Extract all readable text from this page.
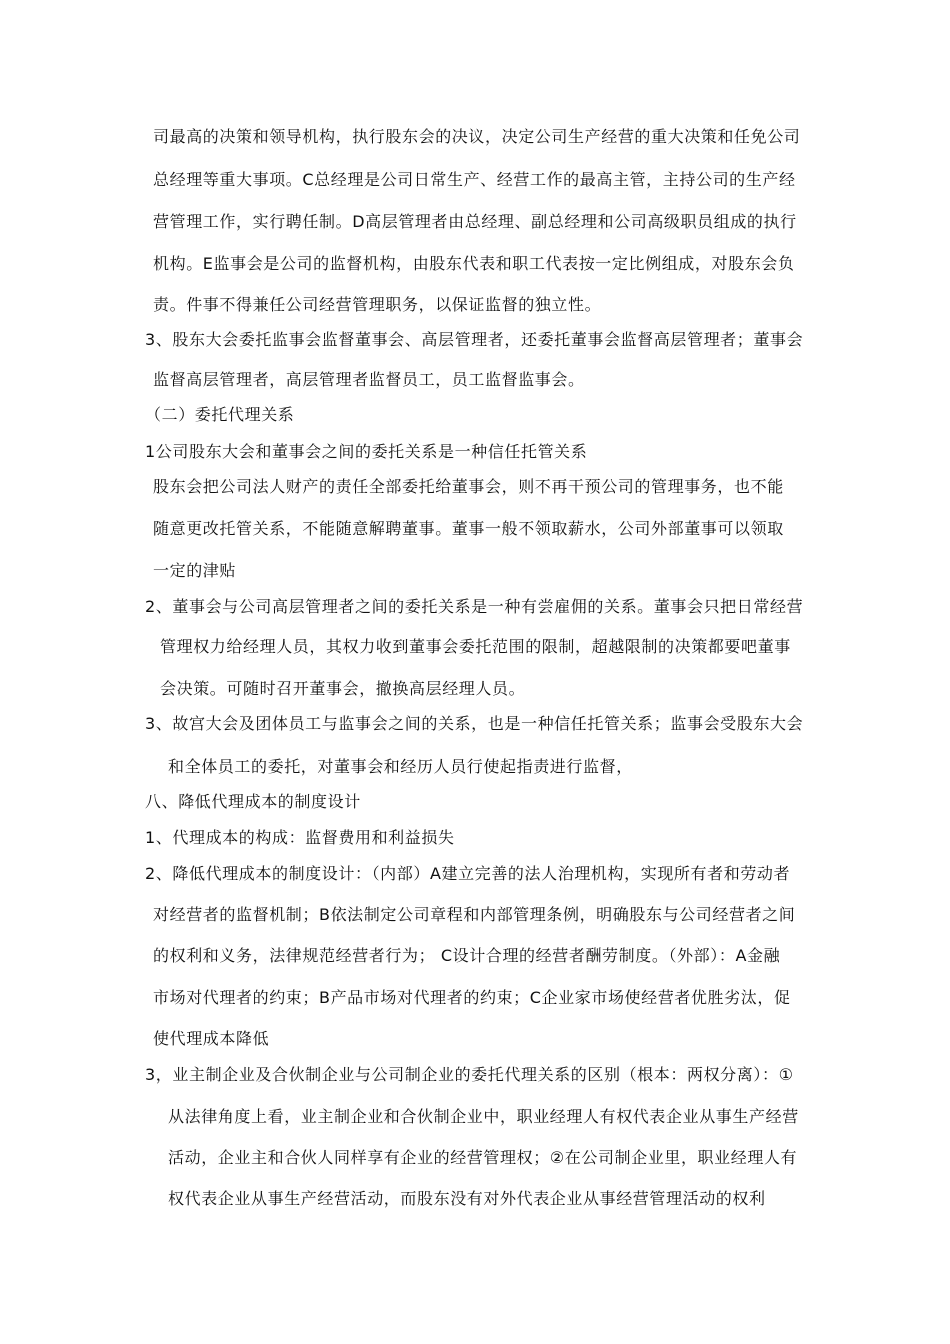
司最高的决策和领导机构，执行股东会的决议，决定公司生产经营的重大决策和任免公司
总经理等重大事项。C总经理是公司日常生产、经营工作的最高主管，主持公司的生产经
营管理工作，实行聘任制。D高层管理者由总经理、副总经理和公司高级职员组成的执行
机构。E监事会是公司的监督机构，由股东代表和职工代表按一定比例组成，对股东会负
责。件事不得兼任公司经营管理职务，以保证监督的独立性。
3、股东大会委托监事会监督董事会、高层管理者，还委托董事会监督高层管理者；董事会
监督高层管理者，高层管理者监督员工，员工监督监事会。
（二）委托代理关系
1公司股东大会和董事会之间的委托关系是一种信任托管关系
股东会把公司法人财产的责任全部委托给董事会，则不再干预公司的管理事务，也不能
随意更改托管关系，不能随意解聘董事。董事一般不领取薪水，公司外部董事可以领取
一定的津贴
2、董事会与公司高层管理者之间的委托关系是一种有尝雇佣的关系。董事会只把日常经营
管理权力给经理人员，其权力收到董事会委托范围的限制，超越限制的决策都要吧董事
会决策。可随时召开董事会，撤换高层经理人员。
3、故宫大会及团体员工与监事会之间的关系，也是一种信任托管关系；监事会受股东大会
和全体员工的委托，对董事会和经历人员行使起指责进行监督，
八、降低代理成本的制度设计
1、代理成本的构成：监督费用和利益损失
2、降低代理成本的制度设计：（内部）A建立完善的法人治理机构，实现所有者和劳动者
对经营者的监督机制；B依法制定公司章程和内部管理条例，明确股东与公司经营者之间
的权利和义务，法律规范经营者行为； C设计合理的经营者酬劳制度。（外部）：A金融
市场对代理者的约束；B产品市场对代理者的约束；C企业家市场使经营者优胜劣汰，促
使代理成本降低
3，业主制企业及合伙制企业与公司制企业的委托代理关系的区别（根本：两权分离）：①
从法律角度上看，业主制企业和合伙制企业中，职业经理人有权代表企业从事生产经营
活动，企业主和合伙人同样享有企业的经营管理权；②在公司制企业里，职业经理人有
权代表企业从事生产经营活动，而股东没有对外代表企业从事经营管理活动的权利
